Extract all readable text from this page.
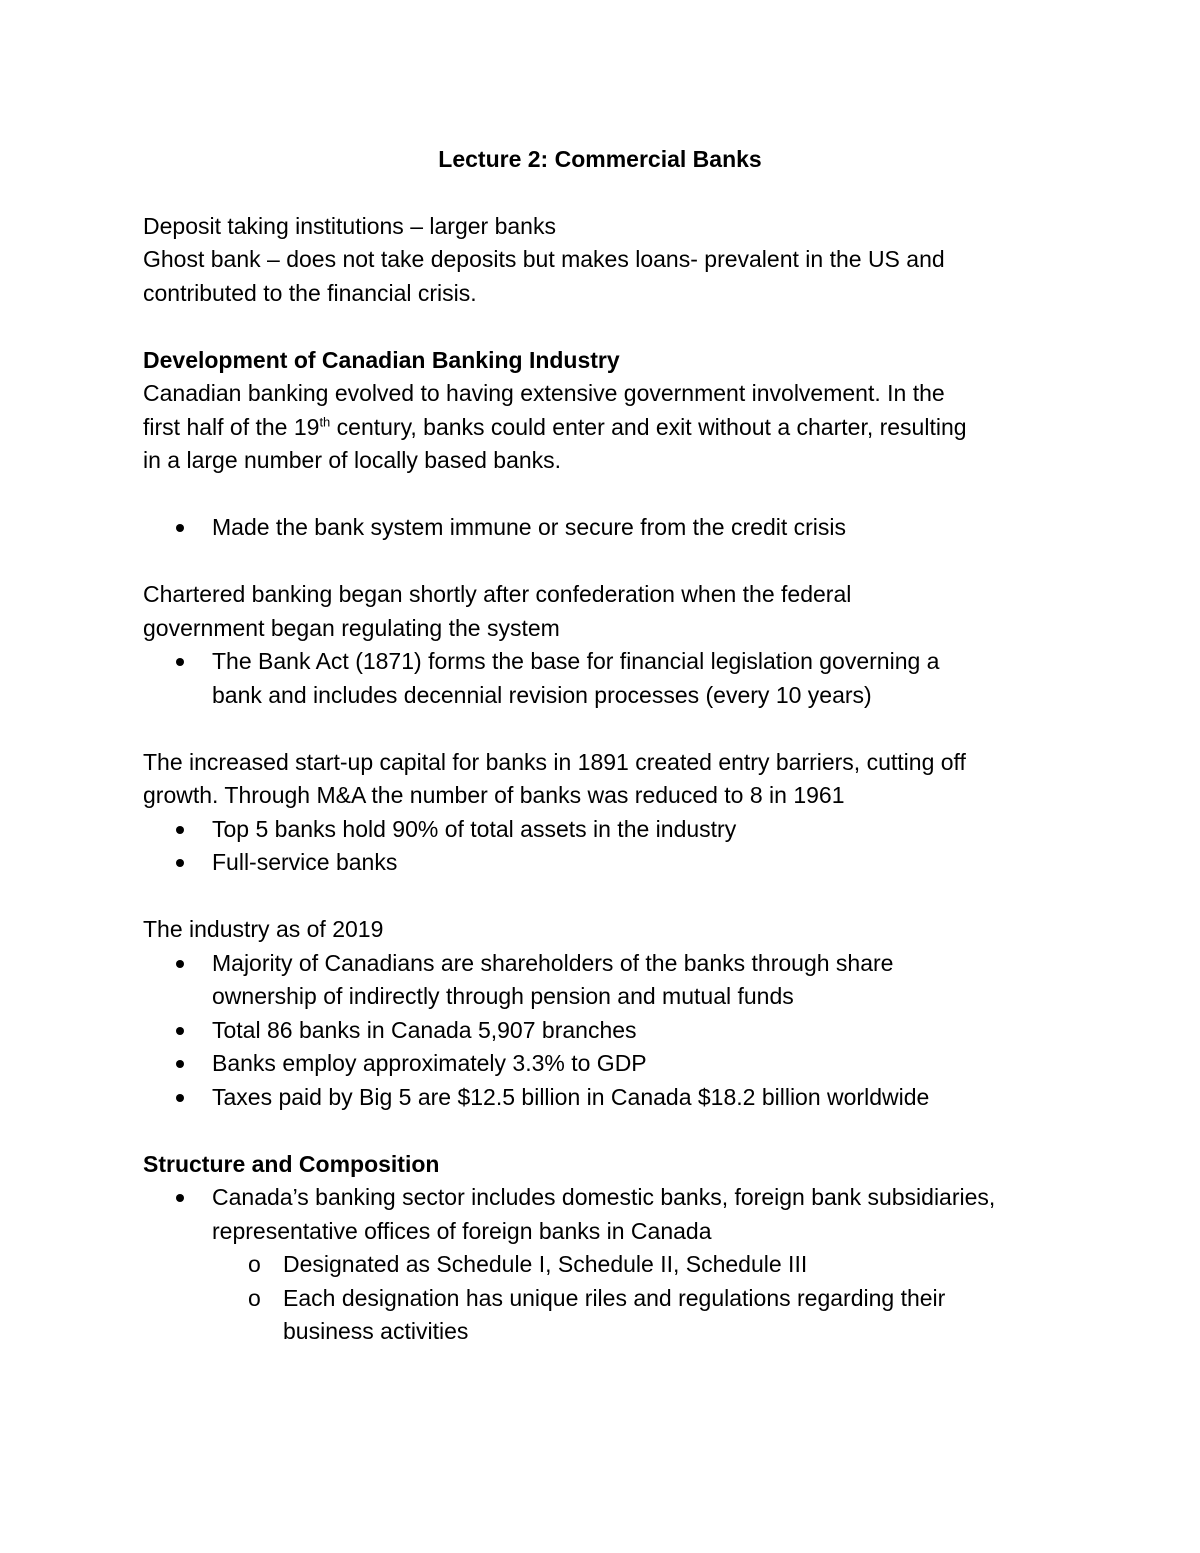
Lecture 2: Commercial Banks
Deposit taking institutions – larger banks
Ghost bank – does not take deposits but makes loans- prevalent in the US and
contributed to the financial crisis.
Development of Canadian Banking Industry
Canadian banking evolved to having extensive government involvement. In the
first half of the 19th century, banks could enter and exit without a charter, resulting
in a large number of locally based banks.
Made the bank system immune or secure from the credit crisis
Chartered banking began shortly after confederation when the federal
government began regulating the system
The Bank Act (1871) forms the base for financial legislation governing a
bank and includes decennial revision processes (every 10 years)
The increased start-up capital for banks in 1891 created entry barriers, cutting off
growth. Through M&A the number of banks was reduced to 8 in 1961
Top 5 banks hold 90% of total assets in the industry
Full-service banks
The industry as of 2019
Majority of Canadians are shareholders of the banks through share
ownership of indirectly through pension and mutual funds
Total 86 banks in Canada 5,907 branches
Banks employ approximately 3.3% to GDP
Taxes paid by Big 5 are $12.5 billion in Canada $18.2 billion worldwide
Structure and Composition
Canada’s banking sector includes domestic banks, foreign bank subsidiaries,
representative offices of foreign banks in Canada
o Designated as Schedule I, Schedule II, Schedule III
o Each designation has unique riles and regulations regarding their
business activities
